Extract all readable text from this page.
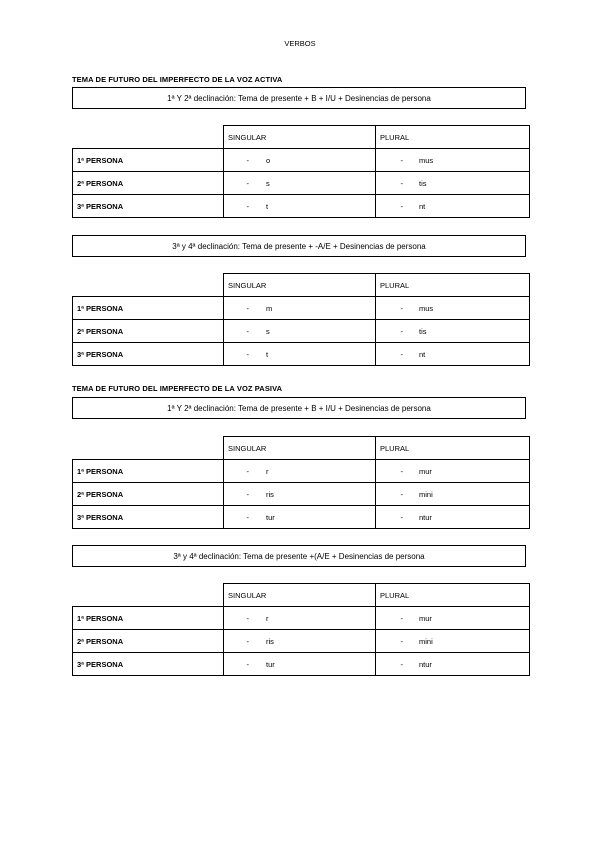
VERBOS
TEMA DE FUTURO DEL IMPERFECTO DE LA VOZ ACTIVA
1ª Y 2ª declinación: Tema de presente + B + I/U + Desinencias de persona
	SINGULAR	PLURAL
1ª PERSONA	- o	- mus

2ª PERSONA	- s	- tis

3ª PERSONA	- t	- nt
3ª y 4ª declinación: Tema de presente + -A/E + Desinencias de persona
	SINGULAR	PLURAL
1ª PERSONA	- m	- mus

2ª PERSONA	- s	- tis

3ª PERSONA	- t	- nt
TEMA DE FUTURO DEL IMPERFECTO DE LA VOZ PASIVA
1ª Y 2ª declinación: Tema de presente + B + I/U + Desinencias de persona
	SINGULAR	PLURAL
1ª PERSONA	- r	- mur

2ª PERSONA	- ris	- mini

3ª PERSONA	- tur	- ntur
3ª y 4ª declinación: Tema de presente +(A/E + Desinencias de persona
	SINGULAR	PLURAL
1ª PERSONA	- r	- mur

2ª PERSONA	- ris	- mini

3ª PERSONA	- tur	- ntur
